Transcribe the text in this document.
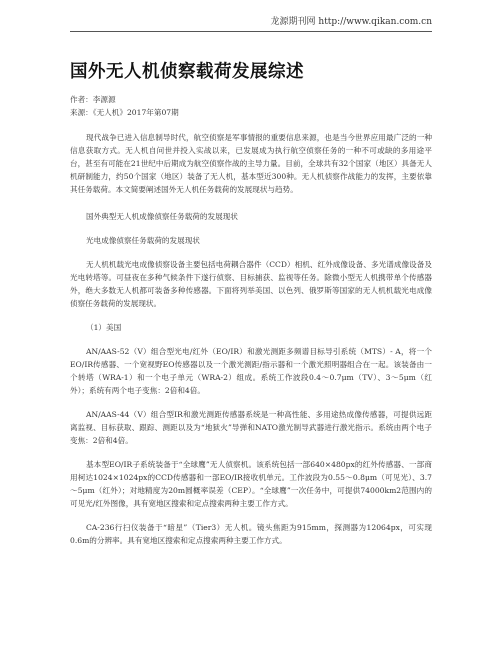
龙源期刊网 http://www.qikan.com.cn
国外无人机侦察载荷发展综述

作者：李源源

来源：《无人机》2017年第07期

现代战争已进入信息制导时代，航空侦察是军事情报的重要信息来源，也是当今世界应用最广泛的一种信息获取方式。无人机自问世并投入实战以来，已发展成为执行航空侦察任务的一种不可或缺的多用途平台，甚至有可能在21世纪中后期成为航空侦察作战的主导力量。目前，全球共有32个国家（地区）具备无人机研制能力，约50个国家（地区）装备了无人机，基本型近300种。无人机侦察作战能力的发挥，主要依靠其任务载荷。本文简要阐述国外无人机任务载荷的发展现状与趋势。

国外典型无人机成像侦察任务载荷的发展现状

光电成像侦察任务载荷的发展现状

无人机机载光电成像侦察设备主要包括电荷耦合器件（CCD）相机、红外成像设备、多光谱成像设备及光电转塔等。可昼夜在多种气候条件下遂行侦察、目标捕获、监视等任务。除微小型无人机携带单个传感器外，绝大多数无人机都可装备多种传感器。下面将列举美国、以色列、俄罗斯等国家的无人机机载光电成像侦察任务载荷的发展现状。

（1）美国

AN/AAS-52（V）组合型光电/红外（EO/IR）和激光测距多频谱目标导引系统（MTS）- A，将一个EO/IR传感器、一个宽视野EO传感器以及一个激光测距/指示器和一个激光照明器组合在一起。该装备由一个转塔（WRA-1）和一个电子单元（WRA-2）组成。系统工作波段0.4～0.7μm（TV）、3～5μm（红外）；系统有两个电子变焦：2倍和4倍。

AN/AAS-44（V）组合型IR和激光测距传感器系统是一种高性能、多用途热成像传感器，可提供远距离监视、目标获取、跟踪、测距以及为“地狱火”导弹和NATO激光制导武器进行激光指示。系统由两个电子变焦：2倍和4倍。

基本型EO/IR子系统装备于“全球鹰”无人侦察机。该系统包括一部640×480px的红外传感器、一部商用柯达1024×1024px的CCD传感器和一部EO/IR接收机单元。工作波段为0.55～0.8μm（可见光）、3.7～5μm（红外）；对地精度为20m圆概率误差（CEP）。“全球鹰”一次任务中，可提供74000km2范围内的可见光/红外图像，具有宽地区搜索和定点搜索两种主要工作方式。

CA-236行扫仪装备于“暗星”（Tier3）无人机。镜头焦距为915mm，探测器为12064px，可实现0.6m的分辨率。具有宽地区搜索和定点搜索两种主要工作方式。
